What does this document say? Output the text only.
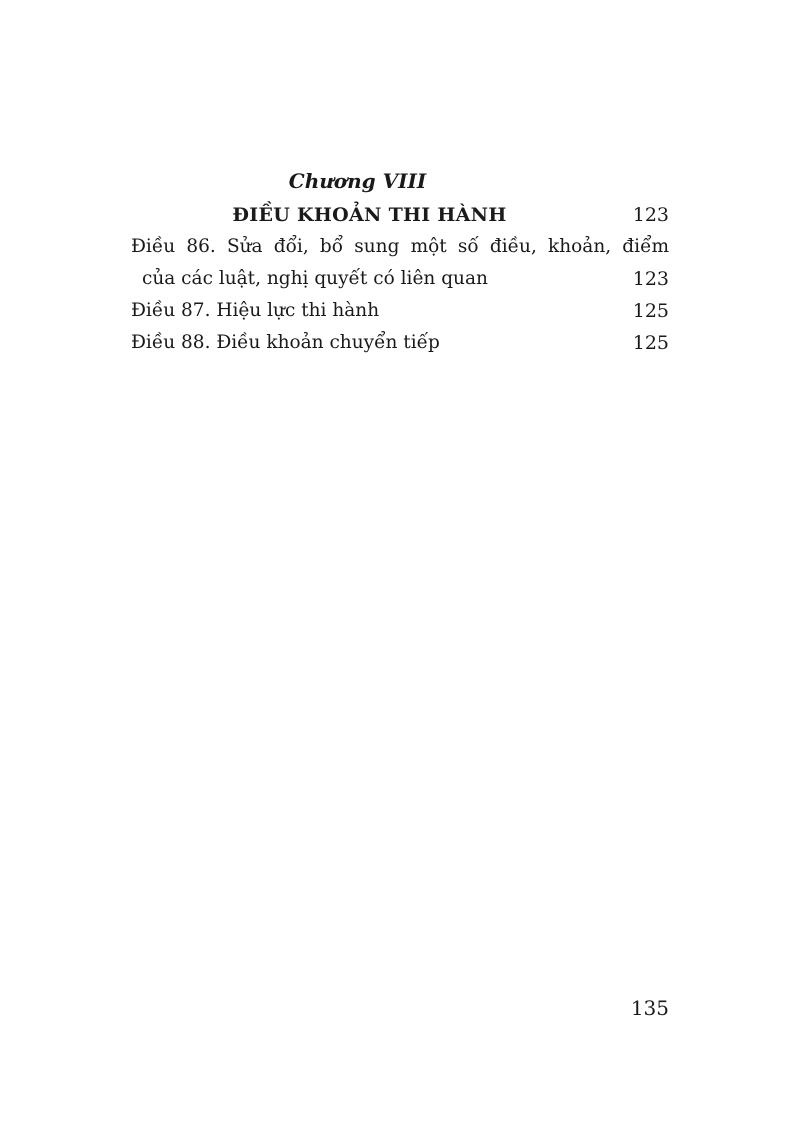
Chương VIII
ĐIỀU KHOẢN THI HÀNH	123
Điều 86. Sửa đổi, bổ sung một số điều, khoản, điểm
của các luật, nghị quyết có liên quan	123
Điều 87. Hiệu lực thi hành	125
Điều 88. Điều khoản chuyển tiếp	125
135
